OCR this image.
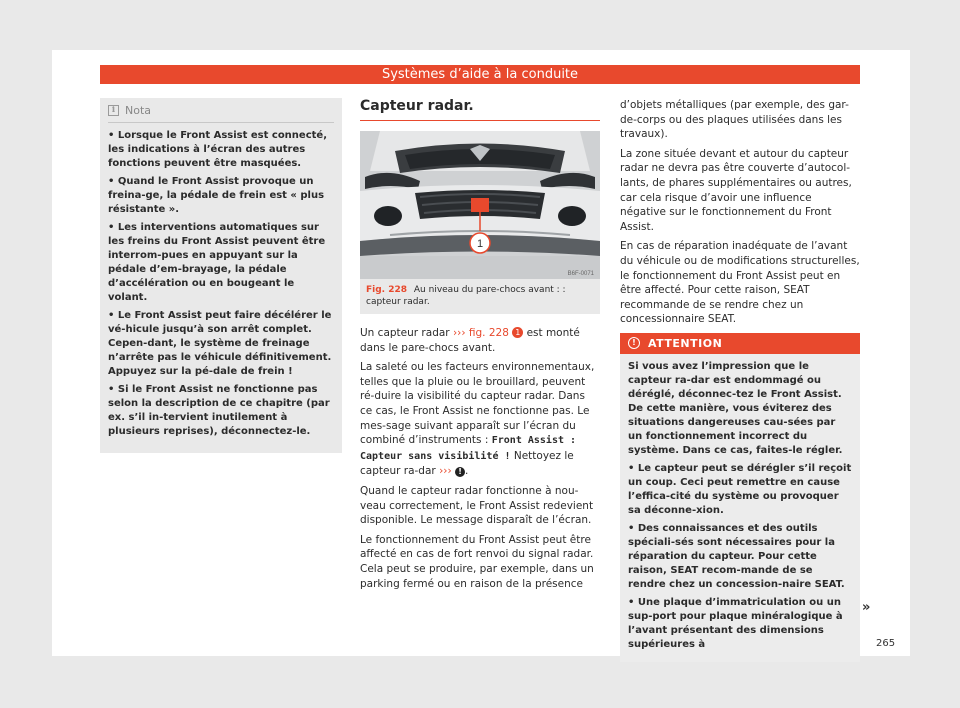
Systèmes d’aide à la conduite
i Nota
• Lorsque le Front Assist est connecté, les indications à l’écran des autres fonctions peuvent être masquées.
• Quand le Front Assist provoque un freina-ge, la pédale de frein est « plus résistante ».
• Les interventions automatiques sur les freins du Front Assist peuvent être interrom-pues en appuyant sur la pédale d’em-brayage, la pédale d’accélération ou en bougeant le volant.
• Le Front Assist peut faire décélérer le vé-hicule jusqu’à son arrêt complet. Cepen-dant, le système de freinage n’arrête pas le véhicule définitivement. Appuyez sur la pé-dale de frein !
• Si le Front Assist ne fonctionne pas selon la description de ce chapitre (par ex. s’il in-tervient inutilement à plusieurs reprises), déconnectez-le.
Capteur radar.
1
B6F-0071
Fig. 228 Au niveau du pare-chocs avant : : capteur radar.

Un capteur radar ››› fig. 228 1 est monté dans le pare-chocs avant.

La saleté ou les facteurs environnementaux, telles que la pluie ou le brouillard, peuvent ré-duire la visibilité du capteur radar. Dans ce cas, le Front Assist ne fonctionne pas. Le mes-sage suivant apparaît sur l’écran du combiné d’instruments : Front Assist : Capteur sans visibilité ! Nettoyez le capteur ra-dar ››› ! .

Quand le capteur radar fonctionne à nou-veau correctement, le Front Assist redevient disponible. Le message disparaît de l’écran.

Le fonctionnement du Front Assist peut être affecté en cas de fort renvoi du signal radar. Cela peut se produire, par exemple, dans un parking fermé ou en raison de la présence

d’objets métalliques (par exemple, des gar-de-corps ou des plaques utilisées dans les travaux).

La zone située devant et autour du capteur radar ne devra pas être couverte d’autocol-lants, de phares supplémentaires ou autres, car cela risque d’avoir une influence négative sur le fonctionnement du Front Assist.

En cas de réparation inadéquate de l’avant du véhicule ou de modifications structurelles, le fonctionnement du Front Assist peut en être affecté. Pour cette raison, SEAT recommande de se rendre chez un concessionnaire SEAT.

!	ATTENTION
Si vous avez l’impression que le capteur ra-dar est endommagé ou déréglé, déconnec-tez le Front Assist. De cette manière, vous éviterez des situations dangereuses cau-sées par un fonctionnement incorrect du système. Dans ce cas, faites-le régler.
• Le capteur peut se dérégler s’il reçoit un coup. Ceci peut remettre en cause l’effica-cité du système ou provoquer sa déconne-xion.
• Des connaissances et des outils spéciali-sés sont nécessaires pour la réparation du capteur. Pour cette raison, SEAT recom-mande de se rendre chez un concession-naire SEAT.
• Une plaque d’immatriculation ou un sup-port pour plaque minéralogique à l’avant présentant des dimensions supérieures à
»
265
